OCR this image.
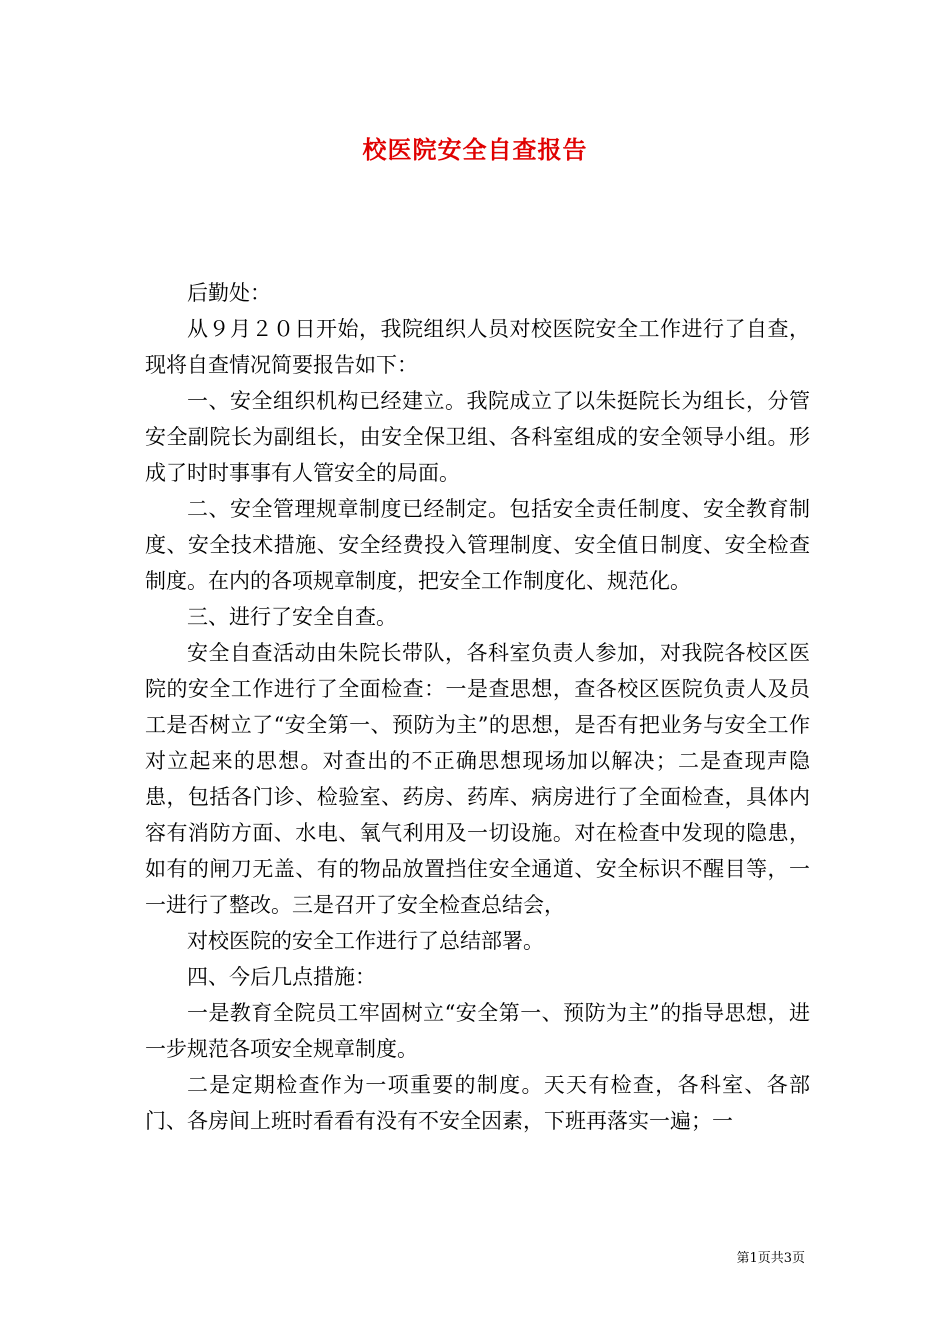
校医院安全自查报告

后勤处：

从９月２０日开始，我院组织人员对校医院安全工作进行了自查，现将自查情况简要报告如下：

一、安全组织机构已经建立。我院成立了以朱挺院长为组长，分管安全副院长为副组长，由安全保卫组、各科室组成的安全领导小组。形成了时时事事有人管安全的局面。

二、安全管理规章制度已经制定。包括安全责任制度、安全教育制度、安全技术措施、安全经费投入管理制度、安全值日制度、安全检查制度。在内的各项规章制度，把安全工作制度化、规范化。

三、进行了安全自查。

安全自查活动由朱院长带队，各科室负责人参加，对我院各校区医院的安全工作进行了全面检查：一是查思想，查各校区医院负责人及员工是否树立了“安全第一、预防为主”的思想，是否有把业务与安全工作对立起来的思想。对查出的不正确思想现场加以解决；二是查现声隐患，包括各门诊、检验室、药房、药库、病房进行了全面检查，具体内容有消防方面、水电、氧气利用及一切设施。对在检查中发现的隐患，如有的闸刀无盖、有的物品放置挡住安全通道、安全标识不醒目等，一一进行了整改。三是召开了安全检查总结会，

对校医院的安全工作进行了总结部署。

四、今后几点措施：

一是教育全院员工牢固树立“安全第一、预防为主”的指导思想，进一步规范各项安全规章制度。

二是定期检查作为一项重要的制度。天天有检查，各科室、各部门、各房间上班时看看有没有不安全因素，下班再落实一遍；一

第1页共3页
